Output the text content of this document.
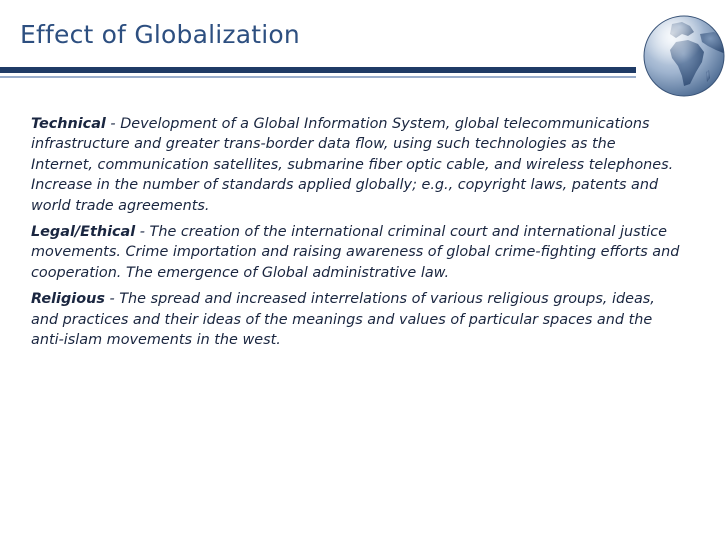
Effect of Globalization

Technical - Development of a Global Information System, global telecommunications infrastructure and greater trans-border data flow, using such technologies as the Internet, communication satellites, submarine fiber optic cable, and wireless telephones. Increase in the number of standards applied globally; e.g., copyright laws, patents and world trade agreements.

Legal/Ethical - The creation of the international criminal court and international justice movements. Crime importation and raising awareness of global crime-fighting efforts and cooperation. The emergence of Global administrative law.

Religious - The spread and increased interrelations of various religious groups, ideas, and practices and their ideas of the meanings and values of particular spaces and the anti-islam movements in the west.
